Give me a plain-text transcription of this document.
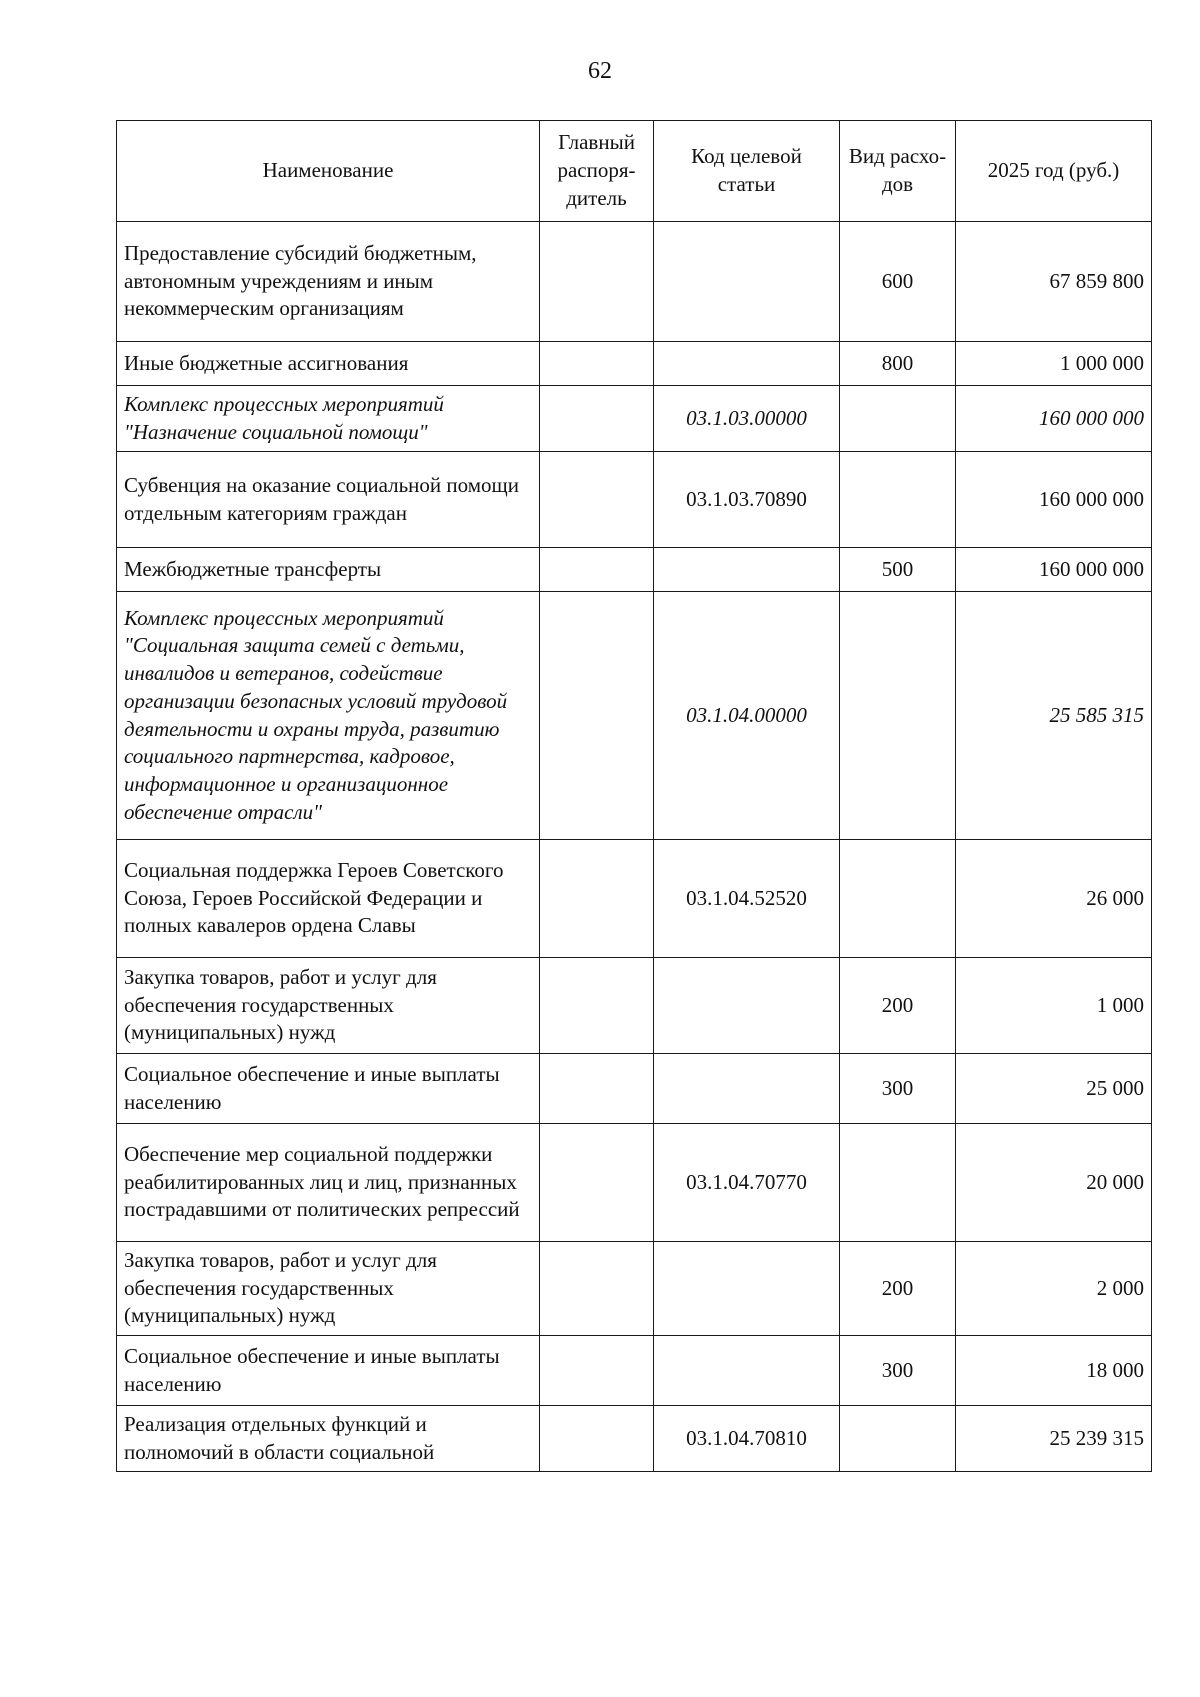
62
Наименование	Главный распоря-дитель	Код целевой статьи	Вид расхо-дов	2025 год (руб.)
Предоставление субсидий бюджетным, автономным учреждениям и иным некоммерческим организациям			600	67 859 800
Иные бюджетные ассигнования			800	1 000 000
Комплекс процессных мероприятий "Назначение социальной помощи"		03.1.03.00000		160 000 000
Субвенция на оказание социальной помощи отдельным категориям граждан		03.1.03.70890		160 000 000
Межбюджетные трансферты			500	160 000 000
Комплекс процессных мероприятий "Социальная защита семей с детьми, инвалидов и ветеранов, содействие организации безопасных условий трудовой деятельности и охраны труда, развитию социального партнерства, кадровое, информационное и организационное обеспечение отрасли"		03.1.04.00000		25 585 315
Социальная поддержка Героев Советского Союза, Героев Российской Федерации и полных кавалеров ордена Славы		03.1.04.52520		26 000
Закупка товаров, работ и услуг для обеспечения государственных (муниципальных) нужд			200	1 000
Социальное обеспечение и иные выплаты населению			300	25 000
Обеспечение мер социальной поддержки реабилитированных лиц и лиц, признанных пострадавшими от политических репрессий		03.1.04.70770		20 000
Закупка товаров, работ и услуг для обеспечения государственных (муниципальных) нужд			200	2 000
Социальное обеспечение и иные выплаты населению			300	18 000
Реализация отдельных функций и полномочий в области социальной		03.1.04.70810		25 239 315
